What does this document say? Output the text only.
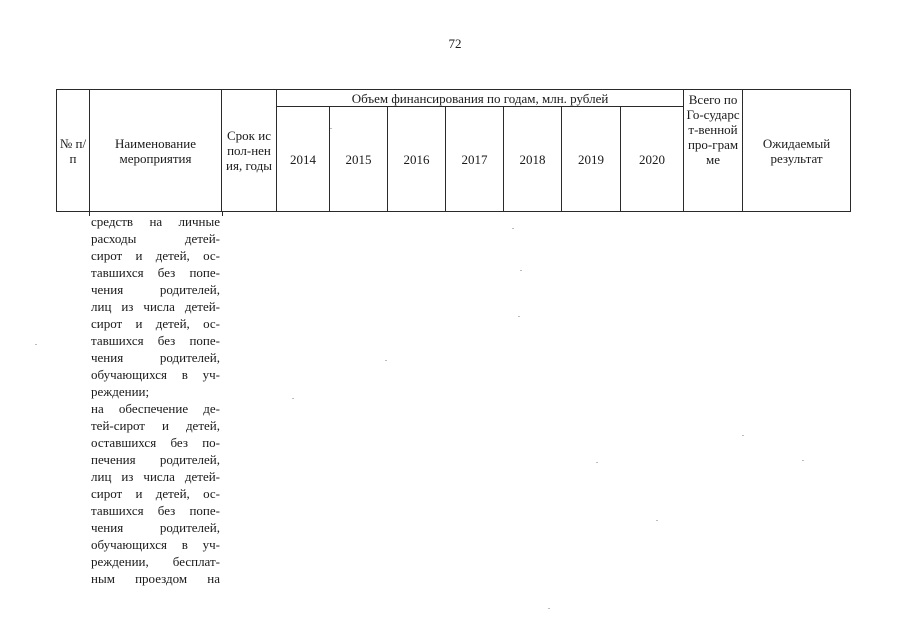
72
№ п/п	Наименование мероприятия	Срок испол-нения, годы	Объем финансирования по годам, млн. рублей							Всего по Го-сударст-венной про-грамме	Ожидаемый результат
			2014	2015	2016	2017	2018	2019	2020		
средств на личные
расходы детей-
сирот и детей, ос-
тавшихся без попе-
чения родителей,
лиц из числа детей-
сирот и детей, ос-
тавшихся без попе-
чения родителей,
обучающихся в уч-
реждении;
на обеспечение де-
тей-сирот и детей,
оставшихся без по-
печения родителей,
лиц из числа детей-
сирот и детей, ос-
тавшихся без попе-
чения родителей,
обучающихся в уч-
реждении, бесплат-
ным проездом на
